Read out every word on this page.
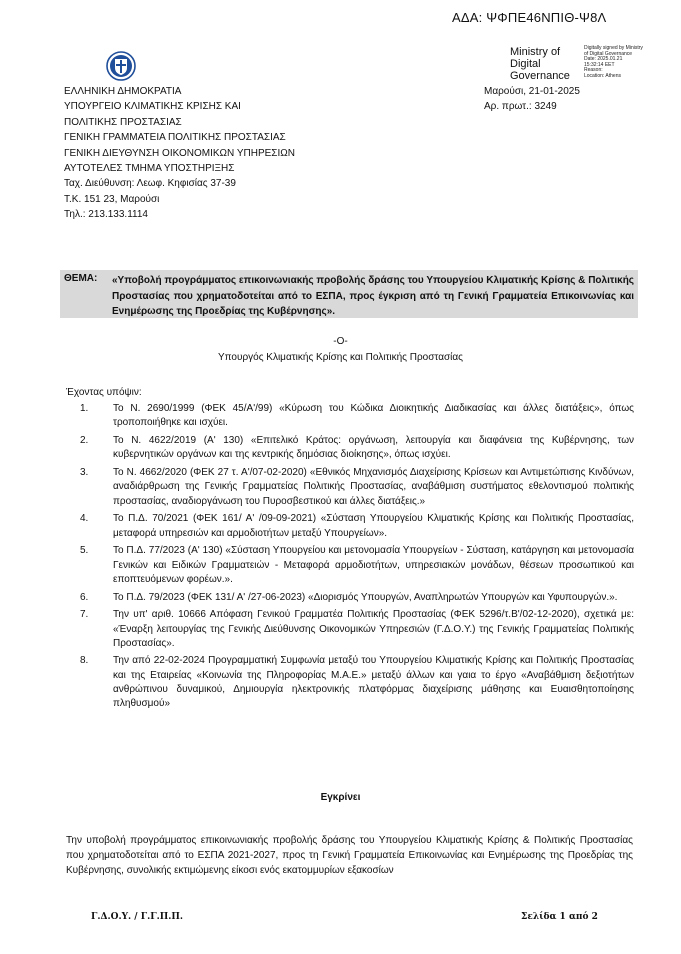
ΑΔΑ: ΨΦΠΕ46ΝΠΙΘ-Ψ8Λ
Ministry of Digital Governance
Digitally signed by Ministry
of Digital Governance
Date: 2025.01.21
15:32:14 EET
Reason:
Location: Athens
ΕΛΛΗΝΙΚΗ ΔΗΜΟΚΡΑΤΙΑ
ΥΠΟΥΡΓΕΙΟ ΚΛΙΜΑΤΙΚΗΣ ΚΡΙΣΗΣ ΚΑΙ
ΠΟΛΙΤΙΚΗΣ ΠΡΟΣΤΑΣΙΑΣ
ΓΕΝΙΚΗ ΓΡΑΜΜΑΤΕΙΑ ΠΟΛΙΤΙΚΗΣ ΠΡΟΣΤΑΣΙΑΣ
ΓΕΝΙΚΗ ΔΙΕΥΘΥΝΣΗ ΟΙΚΟΝΟΜΙΚΩΝ ΥΠΗΡΕΣΙΩΝ
ΑΥΤΟΤΕΛΕΣ ΤΜΗΜΑ ΥΠΟΣΤΗΡΙΞΗΣ
Ταχ. Διεύθυνση: Λεωφ. Κηφισίας 37-39
Τ.Κ. 151 23, Μαρούσι
Τηλ.: 213.133.1114
Μαρούσι, 21-01-2025
Αρ. πρωτ.: 3249
ΘΕΜΑ: «Υποβολή προγράμματος επικοινωνιακής προβολής δράσης του Υπουργείου Κλιματικής Κρίσης & Πολιτικής Προστασίας που χρηματοδοτείται από το ΕΣΠΑ, προς έγκριση από τη Γενική Γραμματεία Επικοινωνίας και Ενημέρωσης της Προεδρίας της Κυβέρνησης».
-Ο-
Υπουργός Κλιματικής Κρίσης και Πολιτικής Προστασίας
Έχοντας υπόψιν:
1.	Το Ν. 2690/1999 (ΦΕΚ 45/Α'/99) «Κύρωση του Κώδικα Διοικητικής Διαδικασίας και άλλες διατάξεις», όπως τροποποιήθηκε και ισχύει.
2.	Το Ν. 4622/2019 (Α' 130) «Επιτελικό Κράτος: οργάνωση, λειτουργία και διαφάνεια της Κυβέρνησης, των κυβερνητικών οργάνων και της κεντρικής δημόσιας διοίκησης», όπως ισχύει.
3.	Το Ν. 4662/2020 (ΦΕΚ 27 τ. Α'/07-02-2020) «Εθνικός Μηχανισμός Διαχείρισης Κρίσεων και Αντιμετώπισης Κινδύνων, αναδιάρθρωση της Γενικής Γραμματείας Πολιτικής Προστασίας, αναβάθμιση συστήματος εθελοντισμού πολιτικής προστασίας, αναδιοργάνωση του Πυροσβεστικού και άλλες διατάξεις.»
4.	Το Π.Δ. 70/2021 (ΦΕΚ 161/ Α' /09-09-2021) «Σύσταση Υπουργείου Κλιματικής Κρίσης και Πολιτικής Προστασίας, μεταφορά υπηρεσιών και αρμοδιοτήτων μεταξύ Υπουργείων».
5.	Το Π.Δ. 77/2023 (Α' 130) «Σύσταση Υπουργείου και μετονομασία Υπουργείων - Σύσταση, κατάργηση και μετονομασία Γενικών και Ειδικών Γραμματειών - Μεταφορά αρμοδιοτήτων, υπηρεσιακών μονάδων, θέσεων προσωπικού και εποπτευόμενων φορέων.».
6.	Το Π.Δ. 79/2023 (ΦΕΚ 131/ Α' /27-06-2023) «Διορισμός Υπουργών, Αναπληρωτών Υπουργών και Υφυπουργών.».
7.	Την υπ' αριθ. 10666 Απόφαση Γενικού Γραμματέα Πολιτικής Προστασίας (ΦΕΚ 5296/τ.Β'/02-12-2020), σχετικά με: «Έναρξη λειτουργίας της Γενικής Διεύθυνσης Οικονομικών Υπηρεσιών (Γ.Δ.Ο.Υ.) της Γενικής Γραμματείας Πολιτικής Προστασίας».
8.	Την από 22-02-2024 Προγραμματική Συμφωνία μεταξύ του Υπουργείου Κλιματικής Κρίσης και Πολιτικής Προστασίας και της Εταιρείας «Κοινωνία της Πληροφορίας Μ.Α.Ε.» μεταξύ άλλων και γαια το έργο «Αναβάθμιση δεξιοτήτων ανθρώπινου δυναμικού, Δημιουργία ηλεκτρονικής πλατφόρμας διαχείρισης μάθησης και Ευαισθητοποίησης πληθυσμού»
Εγκρίνει
Την υποβολή προγράμματος επικοινωνιακής προβολής δράσης του Υπουργείου Κλιματικής Κρίσης & Πολιτικής Προστασίας που χρηματοδοτείται από το ΕΣΠΑ 2021-2027, προς τη Γενική Γραμματεία Επικοινωνίας και Ενημέρωσης της Προεδρίας της Κυβέρνησης, συνολικής εκτιμώμενης είκοσι ενός εκατομμυρίων εξακοσίων
Γ.Δ.Ο.Υ. / Γ.Γ.Π.Π.	Σελίδα 1 από 2
